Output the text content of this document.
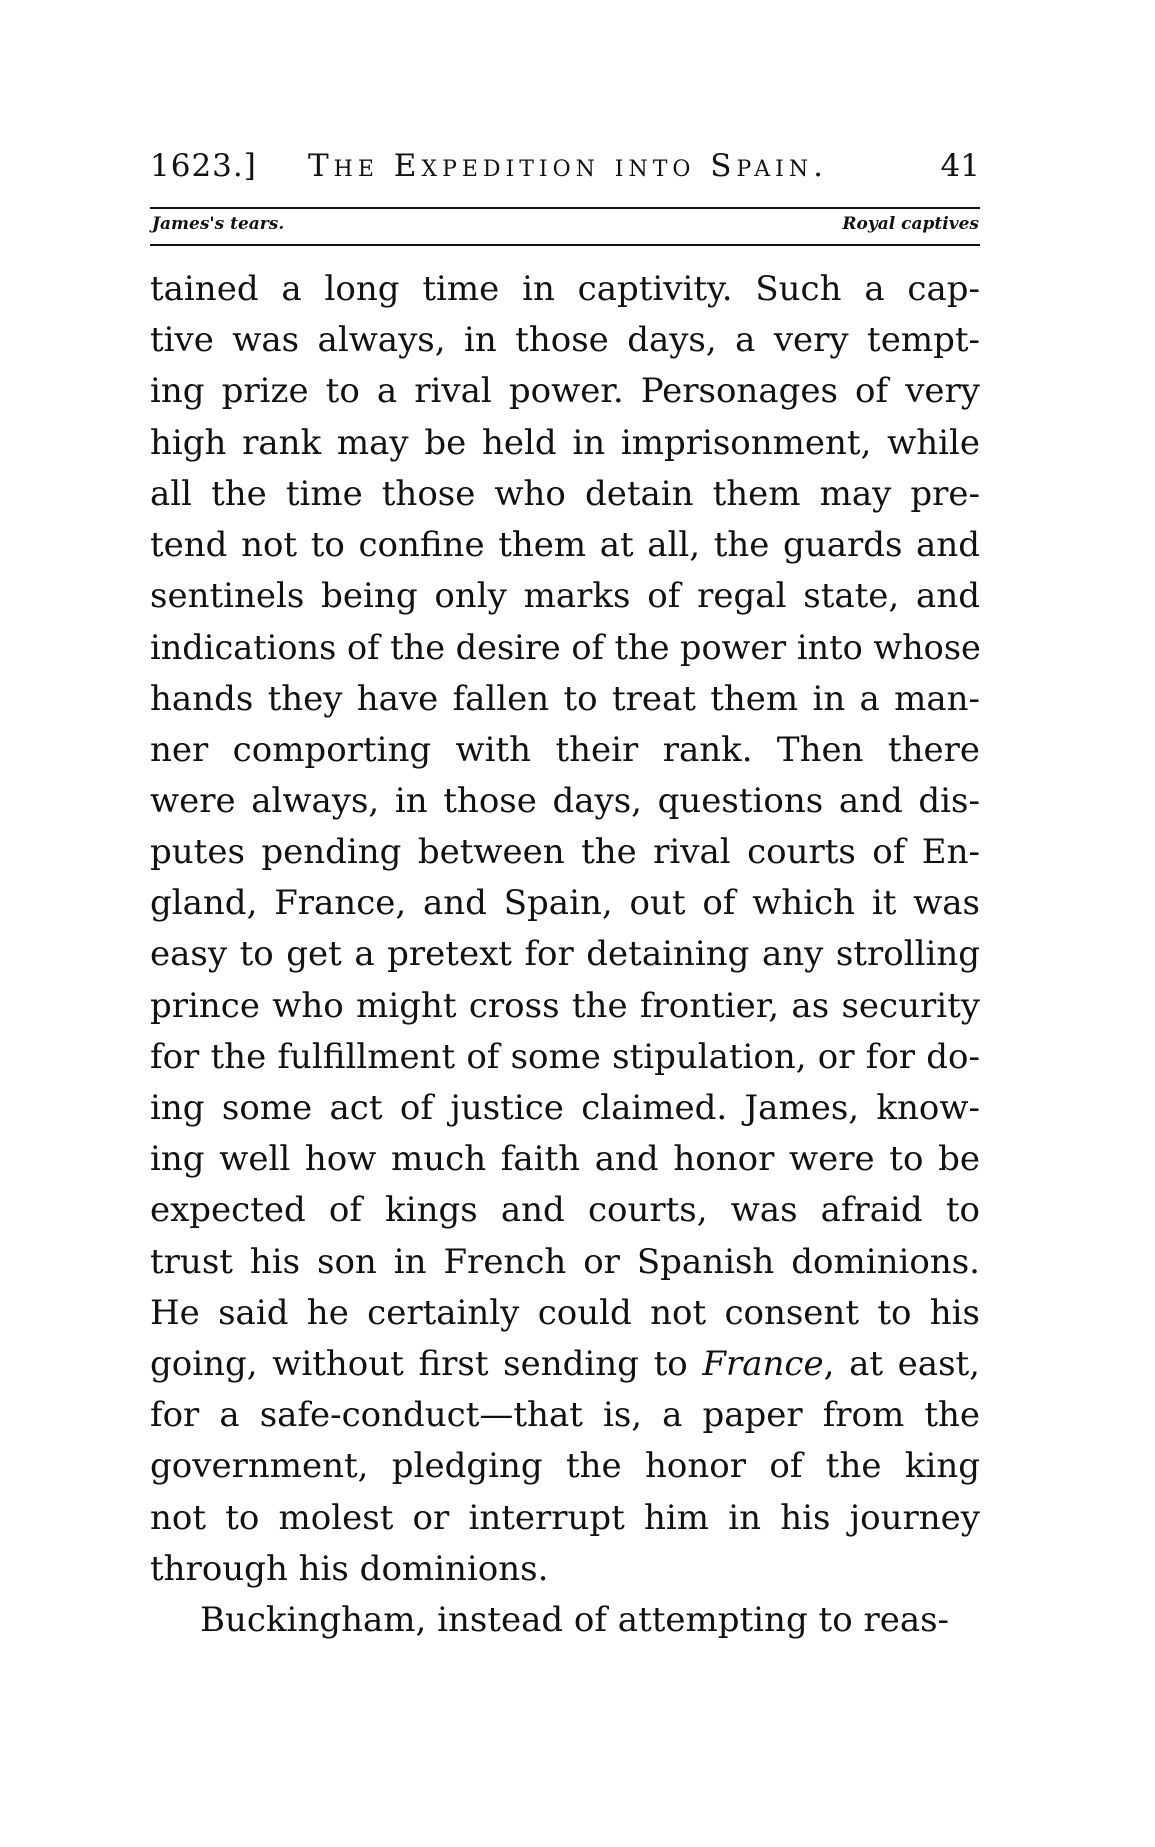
1623.] The Expedition into Spain.	41
James's tears.	Royal captives
tained a long time in captivity. Such a cap-
tive was always, in those days, a very tempt-
ing prize to a rival power. Personages of very
high rank may be held in imprisonment, while
all the time those who detain them may pre-
tend not to confine them at all, the guards and
sentinels being only marks of regal state, and
indications of the desire of the power into whose
hands they have fallen to treat them in a man-
ner comporting with their rank. Then there
were always, in those days, questions and dis-
putes pending between the rival courts of En-
gland, France, and Spain, out of which it was
easy to get a pretext for detaining any strolling
prince who might cross the frontier, as security
for the fulfillment of some stipulation, or for do-
ing some act of justice claimed. James, know-
ing well how much faith and honor were to be
expected of kings and courts, was afraid to
trust his son in French or Spanish dominions.
He said he certainly could not consent to his
going, without first sending to France, at east,
for a safe-conduct—that is, a paper from the
government, pledging the honor of the king
not to molest or interrupt him in his journey
through his dominions.
Buckingham, instead of attempting to reas-
